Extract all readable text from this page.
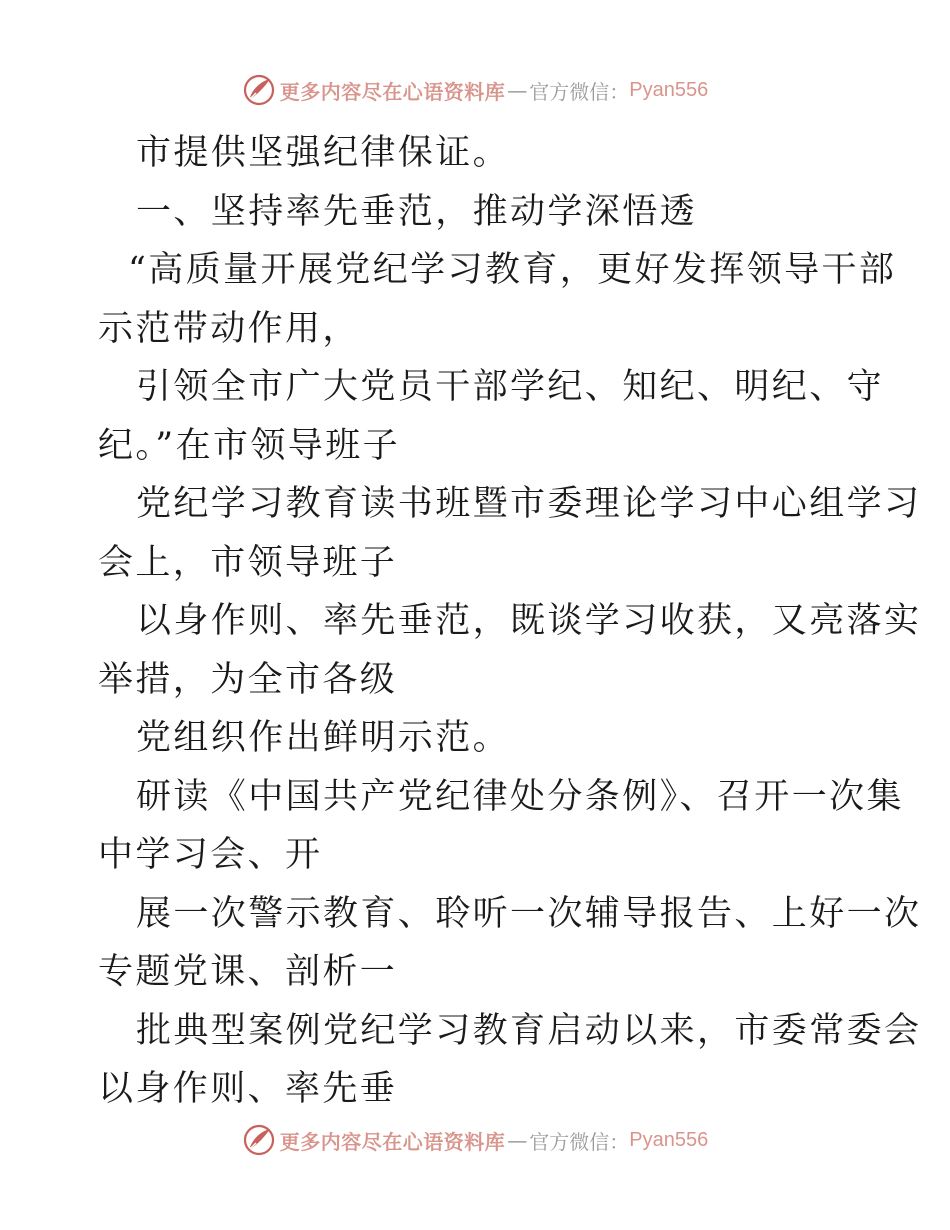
更多内容尽在心语资料库 — 官方微信： Pyan556
市提供坚强纪律保证。
一、坚持率先垂范，推动学深悟透
“高质量开展党纪学习教育，更好发挥领导干部
示范带动作用，
引领全市广大党员干部学纪、知纪、明纪、守
纪。”在市领导班子
党纪学习教育读书班暨市委理论学习中心组学习
会上，市领导班子
以身作则、率先垂范，既谈学习收获，又亮落实
举措，为全市各级
党组织作出鲜明示范。
研读《中国共产党纪律处分条例》、召开一次集
中学习会、开
展一次警示教育、聆听一次辅导报告、上好一次
专题党课、剖析一
批典型案例党纪学习教育启动以来，市委常委会
以身作则、率先垂
更多内容尽在心语资料库 — 官方微信： Pyan556
